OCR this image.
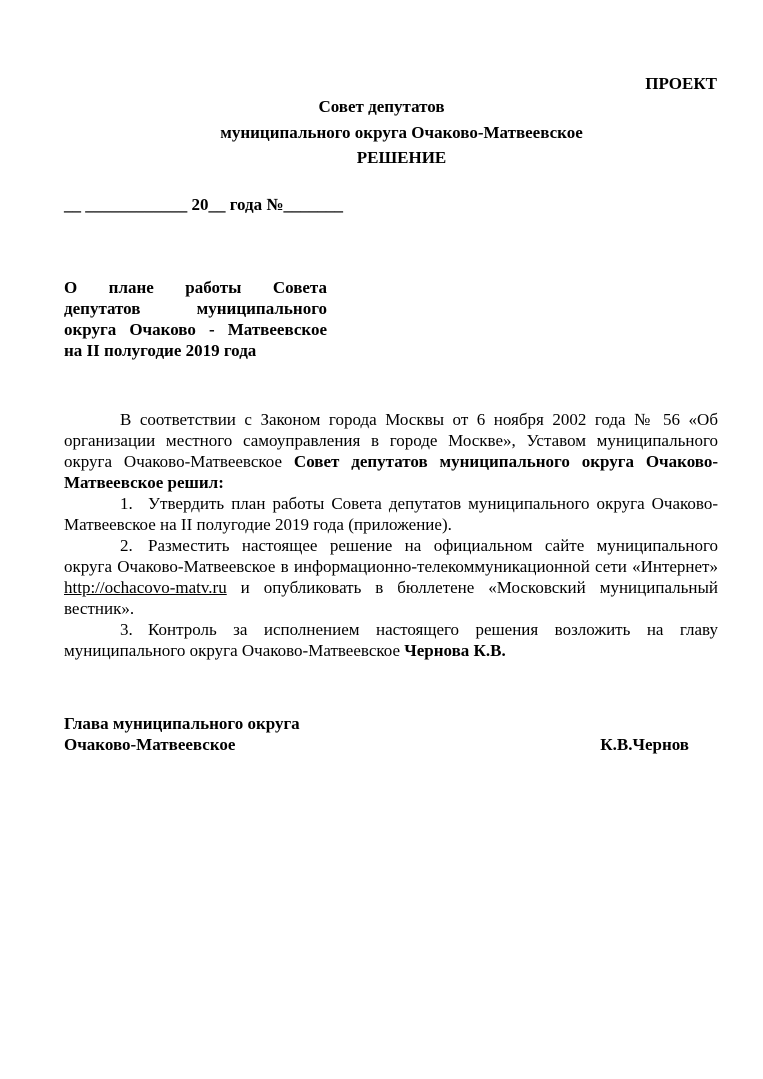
ПРОЕКТ
Совет депутатов
муниципального округа Очаково-Матвеевское
РЕШЕНИЕ
__ ____________ 20__ года №_______
О плане работы Совета
депутатов муниципального
округа Очаково - Матвеевское
на II полугодие 2019 года
В соответствии с Законом города Москвы от 6 ноября 2002 года № 56 «Об организации местного самоуправления в городе Москве», Уставом муниципального округа Очаково-Матвеевское Совет депутатов муниципального округа Очаково-Матвеевское решил:
1. Утвердить план работы Совета депутатов муниципального округа Очаково-Матвеевское на II полугодие 2019 года (приложение).
2. Разместить настоящее решение на официальном сайте муниципального округа Очаково-Матвеевское в информационно-телекоммуникационной сети «Интернет» http://ochacovo-matv.ru и опубликовать в бюллетене «Московский муниципальный вестник».
3. Контроль за исполнением настоящего решения возложить на главу муниципального округа Очаково-Матвеевское Чернова К.В.
Глава муниципального округа
Очаково-Матвеевское	К.В.Чернов
